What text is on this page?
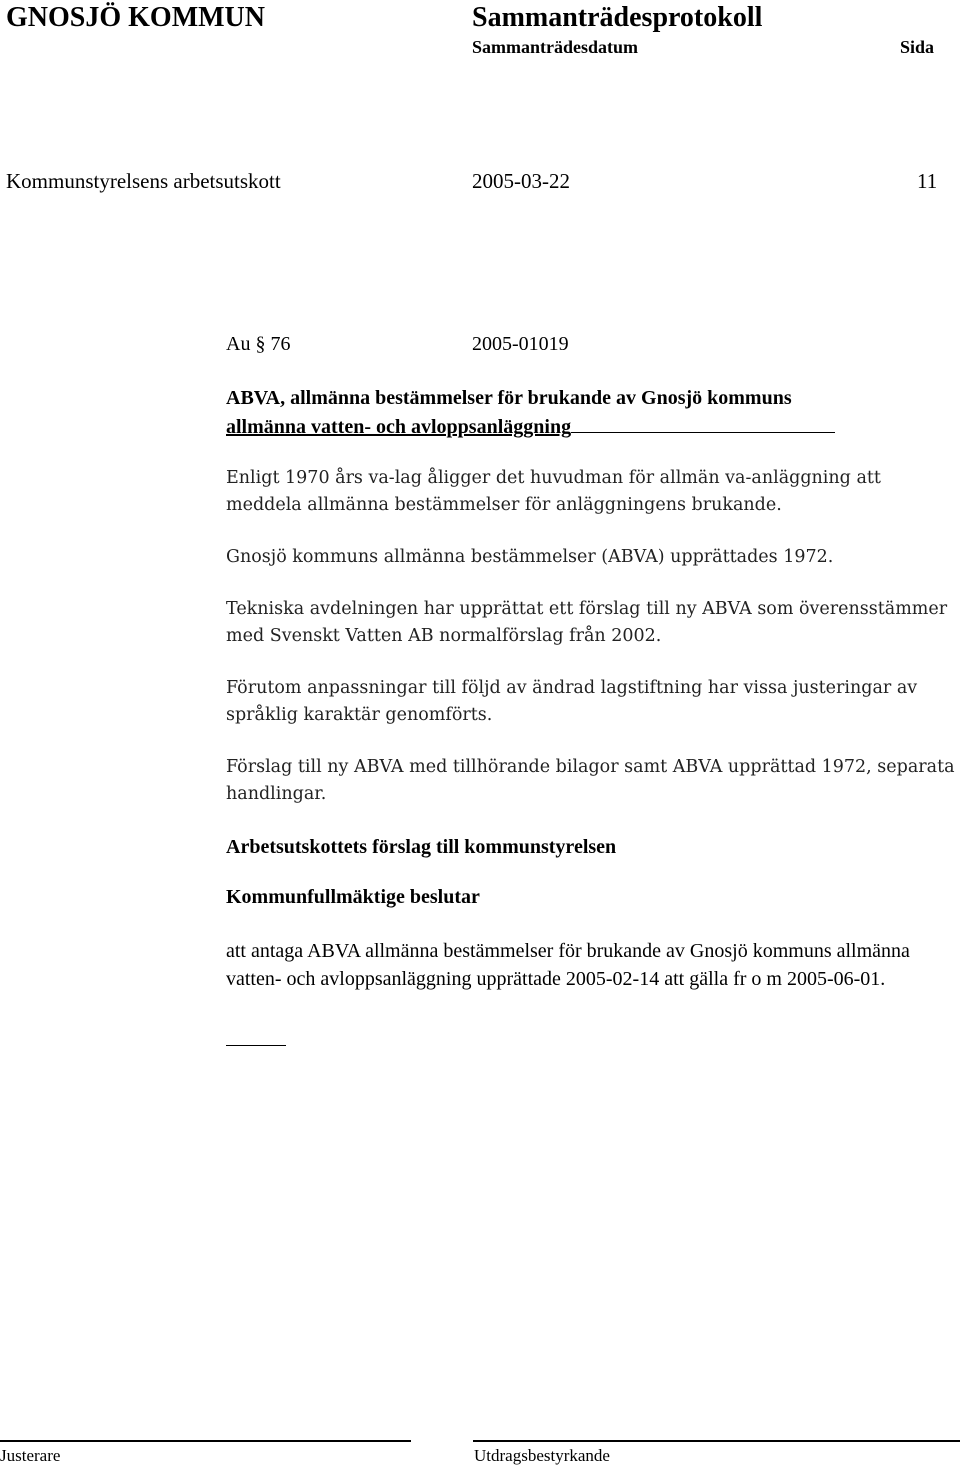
GNOSJÖ KOMMUN	Sammanträdesprotokoll
Sammanträdesdatum	Sida
Kommunstyrelsens arbetsutskott	2005-03-22	11
Au § 76	2005-01019
ABVA, allmänna bestämmelser för brukande av Gnosjö kommuns
allmänna vatten- och avloppsanläggning

Enligt 1970 års va-lag åligger det huvudman för allmän va-anläggning att meddela allmänna bestämmelser för anläggningens brukande.

Gnosjö kommuns allmänna bestämmelser (ABVA) upprättades 1972.

Tekniska avdelningen har upprättat ett förslag till ny ABVA som överensstämmer med Svenskt Vatten AB normalförslag från 2002.

Förutom anpassningar till följd av ändrad lagstiftning har vissa justeringar av språklig karaktär genomförts.

Förslag till ny ABVA med tillhörande bilagor samt ABVA upprättad 1972, separata handlingar.

Arbetsutskottets förslag till kommunstyrelsen
Kommunfullmäktige beslutar
att antaga ABVA allmänna bestämmelser för brukande av Gnosjö kommuns allmänna vatten- och avloppsanläggning upprättade 2005-02-14 att gälla fr o m 2005-06-01.
Justerare	Utdragsbestyrkande
